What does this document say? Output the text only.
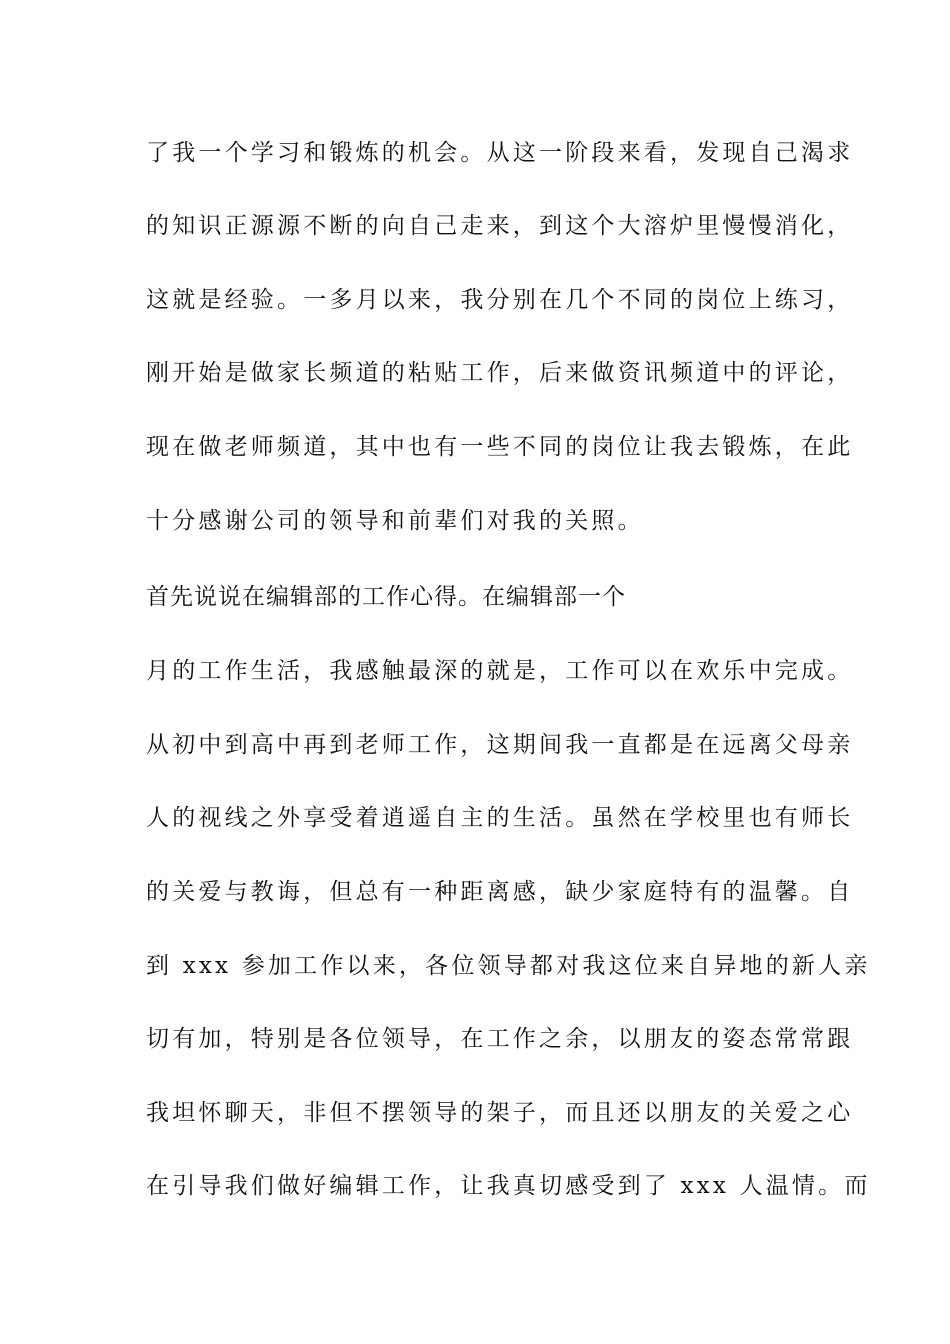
了我一个学习和锻炼的机会。从这一阶段来看，发现自己渴求
的知识正源源不断的向自己走来，到这个大溶炉里慢慢消化，
这就是经验。一多月以来，我分别在几个不同的岗位上练习，
刚开始是做家长频道的粘贴工作，后来做资讯频道中的评论，
现在做老师频道，其中也有一些不同的岗位让我去锻炼，在此
十分感谢公司的领导和前辈们对我的关照。
首先说说在编辑部的工作心得。在编辑部一个
月的工作生活，我感触最深的就是，工作可以在欢乐中完成。
从初中到高中再到老师工作，这期间我一直都是在远离父母亲
人的视线之外享受着逍遥自主的生活。虽然在学校里也有师长
的关爱与教诲，但总有一种距离感，缺少家庭特有的温馨。自
到 xxx 参加工作以来，各位领导都对我这位来自异地的新人亲
切有加，特别是各位领导，在工作之余，以朋友的姿态常常跟
我坦怀聊天，非但不摆领导的架子，而且还以朋友的关爱之心
在引导我们做好编辑工作，让我真切感受到了 xxx 人温情。而
